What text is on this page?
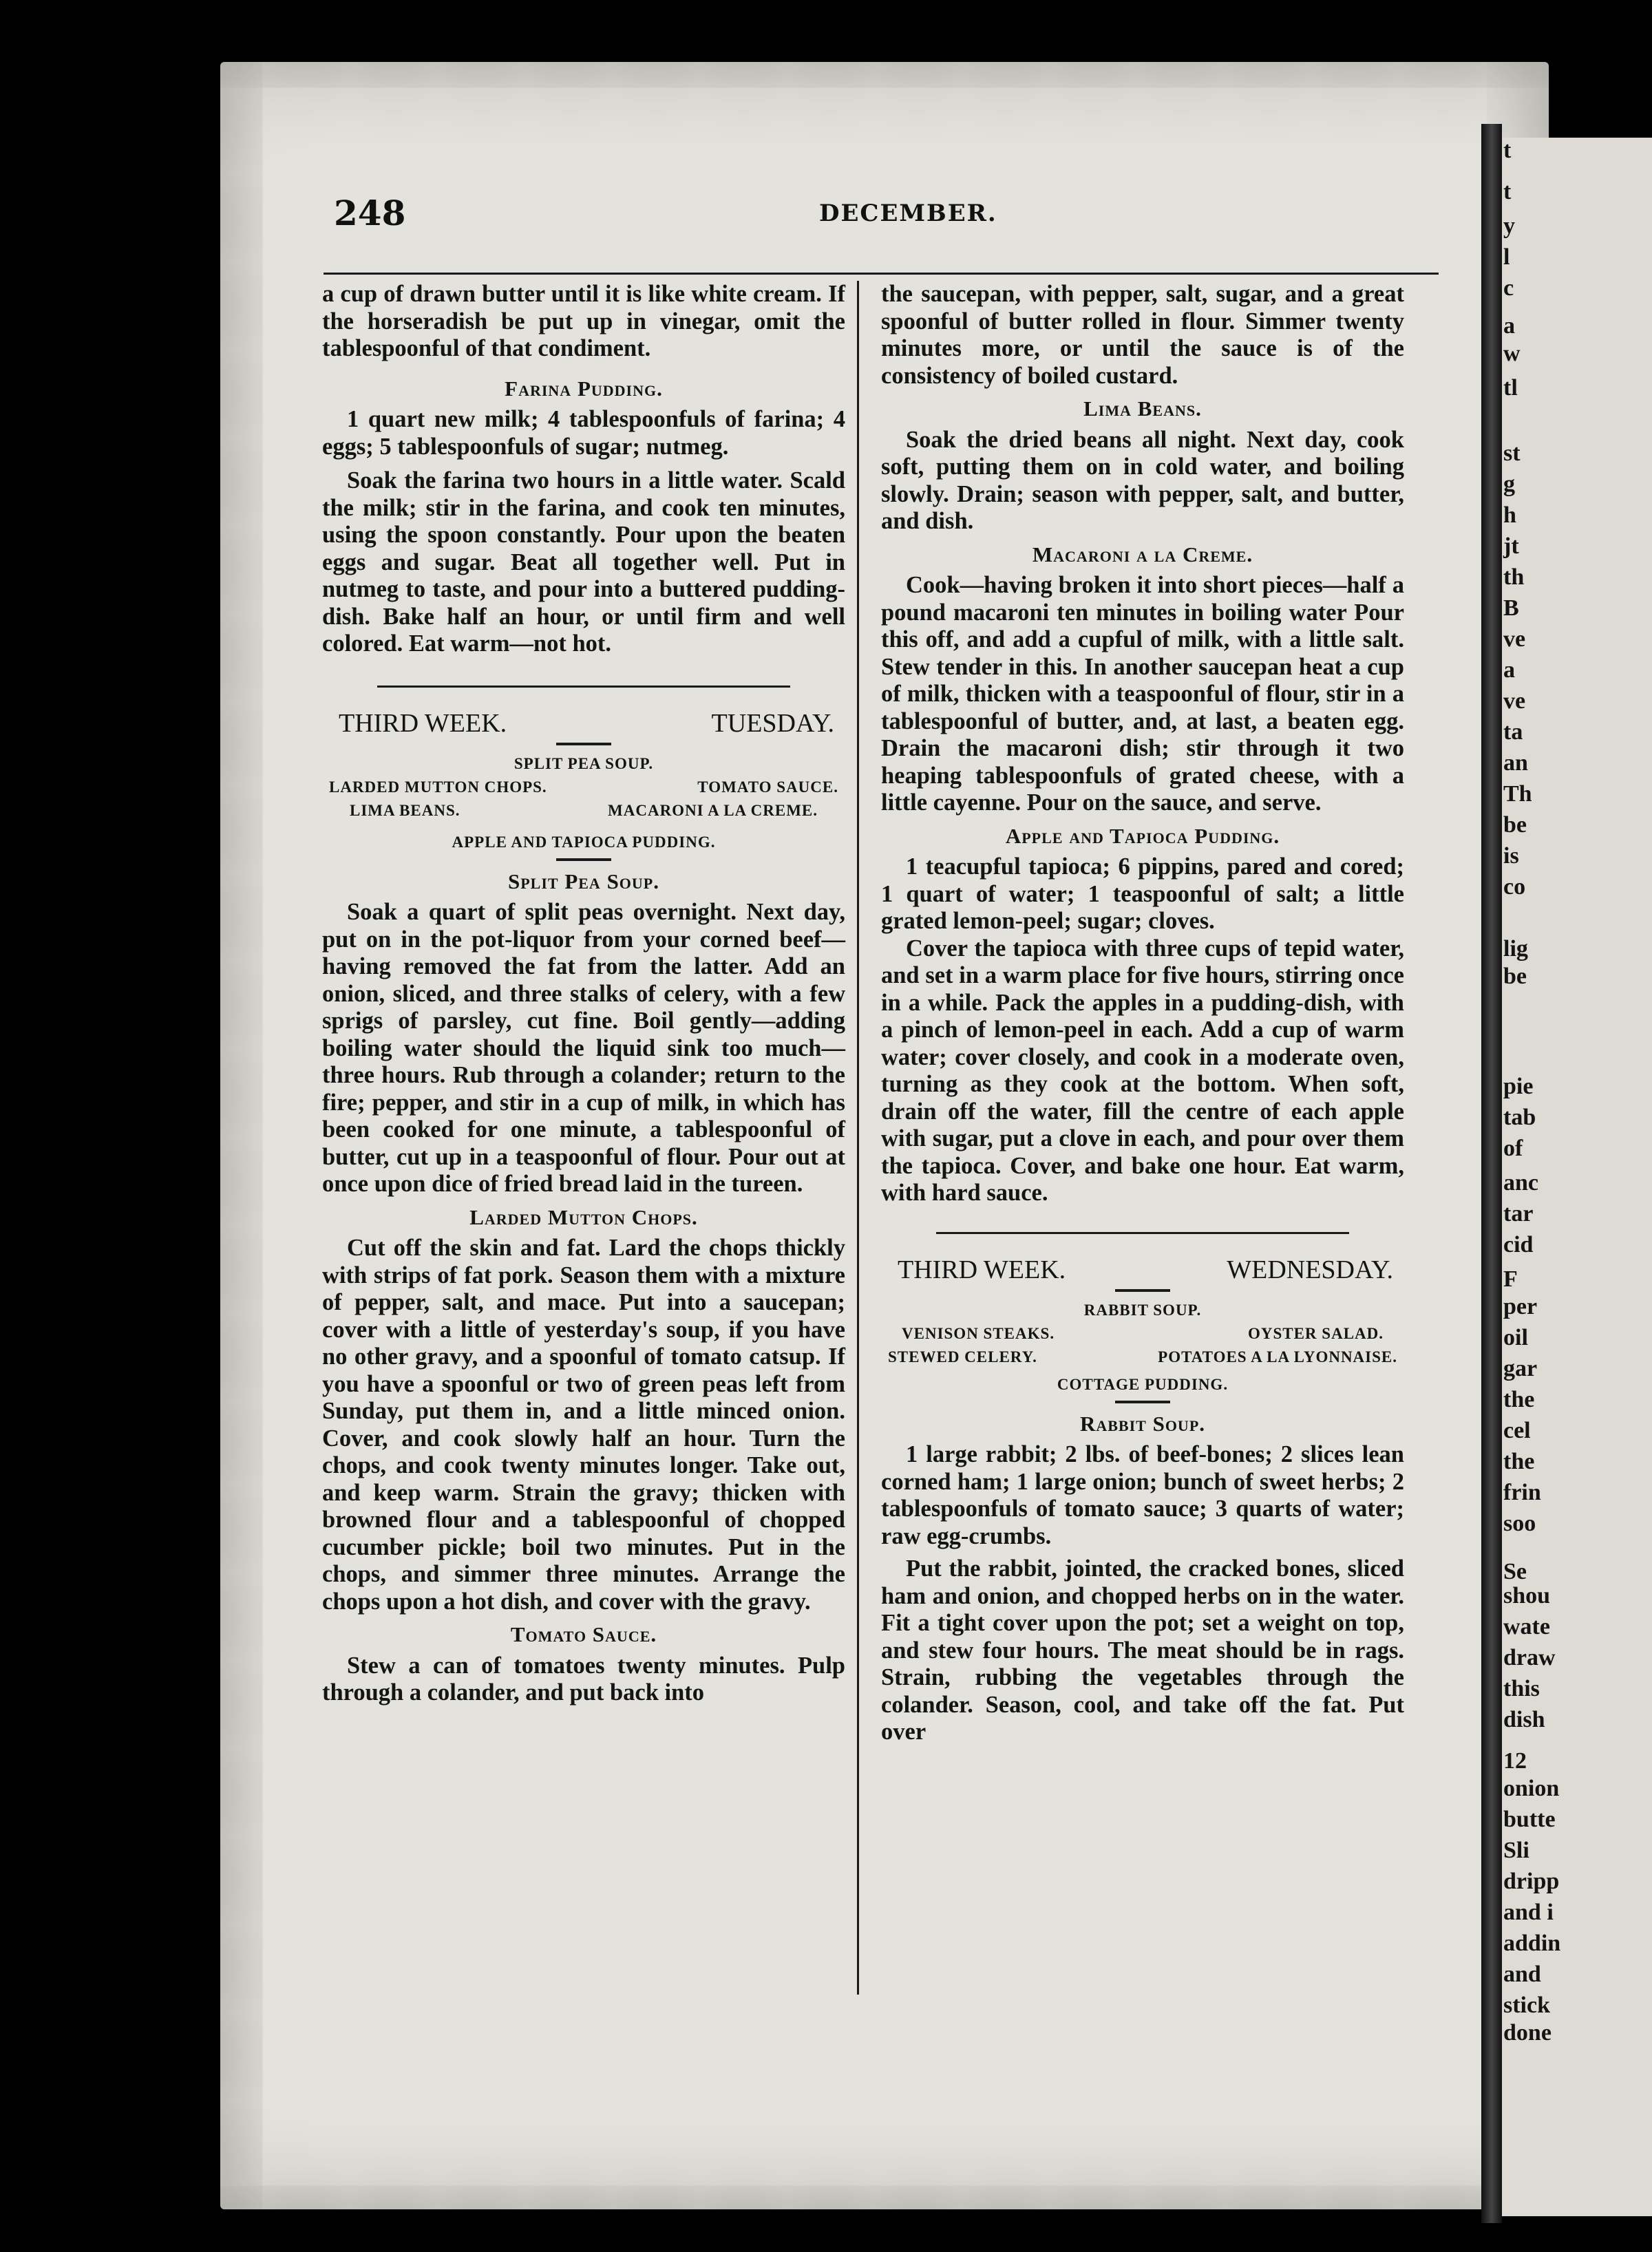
t
t
y
l
c
a
w
tl
st
g
h
jt
th
B
ve
a
ve
ta
an
Th
be
is
co
lig
be
pie
tab
of
anc
tar
cid
F
per
oil
gar
the
cel
the
frin
soo
Se
shou
wate
draw
this
dish
12
onion
butte
Sli
dripp
and i
addin
and
stick
done
248	DECEMBER.

a cup of drawn butter until it is like white cream. If the horseradish be put up in vinegar, omit the tablespoonful of that condiment.

Farina Pudding.

1 quart new milk; 4 tablespoonfuls of farina; 4 eggs; 5 tablespoonfuls of sugar; nutmeg.

Soak the farina two hours in a little water. Scald the milk; stir in the farina, and cook ten minutes, using the spoon constantly. Pour upon the beaten eggs and sugar. Beat all together well. Put in nutmeg to taste, and pour into a buttered pudding-dish. Bake half an hour, or until firm and well colored. Eat warm—not hot.

THIRD WEEK.	TUESDAY.
SPLIT PEA SOUP.
LARDED MUTTON CHOPS.	TOMATO SAUCE.
LIMA BEANS.	MACARONI A LA CREME.
APPLE AND TAPIOCA PUDDING.
Split Pea Soup.

Soak a quart of split peas overnight. Next day, put on in the pot-liquor from your corned beef—having removed the fat from the latter. Add an onion, sliced, and three stalks of celery, with a few sprigs of parsley, cut fine. Boil gently—adding boiling water should the liquid sink too much—three hours. Rub through a colander; return to the fire; pepper, and stir in a cup of milk, in which has been cooked for one minute, a tablespoonful of butter, cut up in a teaspoonful of flour. Pour out at once upon dice of fried bread laid in the tureen.

Larded Mutton Chops.

Cut off the skin and fat. Lard the chops thickly with strips of fat pork. Season them with a mixture of pepper, salt, and mace. Put into a saucepan; cover with a little of yesterday's soup, if you have no other gravy, and a spoonful of tomato catsup. If you have a spoonful or two of green peas left from Sunday, put them in, and a little minced onion. Cover, and cook slowly half an hour. Turn the chops, and cook twenty minutes longer. Take out, and keep warm. Strain the gravy; thicken with browned flour and a tablespoonful of chopped cucumber pickle; boil two minutes. Put in the chops, and simmer three minutes. Arrange the chops upon a hot dish, and cover with the gravy.

Tomato Sauce.

Stew a can of tomatoes twenty minutes. Pulp through a colander, and put back into

the saucepan, with pepper, salt, sugar, and a great spoonful of butter rolled in flour. Simmer twenty minutes more, or until the sauce is of the consistency of boiled custard.

Lima Beans.

Soak the dried beans all night. Next day, cook soft, putting them on in cold water, and boiling slowly. Drain; season with pepper, salt, and butter, and dish.

Macaroni a la Creme.

Cook—having broken it into short pieces—half a pound macaroni ten minutes in boiling water Pour this off, and add a cupful of milk, with a little salt. Stew tender in this. In another saucepan heat a cup of milk, thicken with a teaspoonful of flour, stir in a tablespoonful of butter, and, at last, a beaten egg. Drain the macaroni dish; stir through it two heaping tablespoonfuls of grated cheese, with a little cayenne. Pour on the sauce, and serve.

Apple and Tapioca Pudding.

1 teacupful tapioca; 6 pippins, pared and cored; 1 quart of water; 1 teaspoonful of salt; a little grated lemon-peel; sugar; cloves.

Cover the tapioca with three cups of tepid water, and set in a warm place for five hours, stirring once in a while. Pack the apples in a pudding-dish, with a pinch of lemon-peel in each. Add a cup of warm water; cover closely, and cook in a moderate oven, turning as they cook at the bottom. When soft, drain off the water, fill the centre of each apple with sugar, put a clove in each, and pour over them the tapioca. Cover, and bake one hour. Eat warm, with hard sauce.

THIRD WEEK.	WEDNESDAY.
RABBIT SOUP.
VENISON STEAKS.	OYSTER SALAD.
STEWED CELERY.	POTATOES A LA LYONNAISE.
COTTAGE PUDDING.
Rabbit Soup.

1 large rabbit; 2 lbs. of beef-bones; 2 slices lean corned ham; 1 large onion; bunch of sweet herbs; 2 tablespoonfuls of tomato sauce; 3 quarts of water; raw egg-crumbs.

Put the rabbit, jointed, the cracked bones, sliced ham and onion, and chopped herbs on in the water. Fit a tight cover upon the pot; set a weight on top, and stew four hours. The meat should be in rags. Strain, rubbing the vegetables through the colander. Season, cool, and take off the fat. Put over
